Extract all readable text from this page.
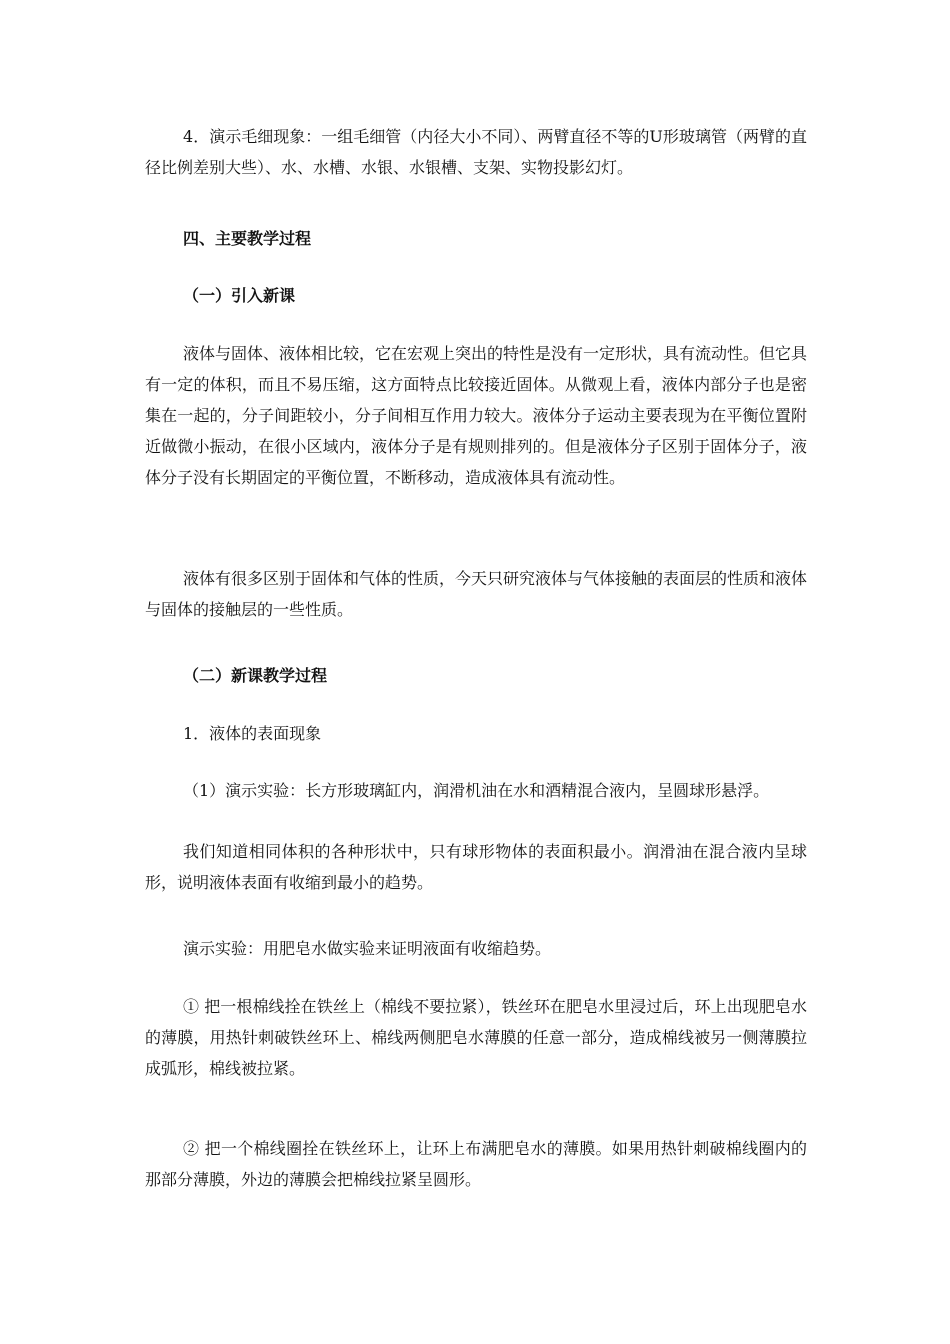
4．演示毛细现象：一组毛细管（内径大小不同）、两臂直径不等的U形玻璃管（两臂的直径比例差别大些）、水、水槽、水银、水银槽、支架、实物投影幻灯。

四、主要教学过程

（一）引入新课

液体与固体、液体相比较，它在宏观上突出的特性是没有一定形状，具有流动性。但它具有一定的体积，而且不易压缩，这方面特点比较接近固体。从微观上看，液体内部分子也是密集在一起的，分子间距较小，分子间相互作用力较大。液体分子运动主要表现为在平衡位置附近做微小振动，在很小区域内，液体分子是有规则排列的。但是液体分子区别于固体分子，液体分子没有长期固定的平衡位置，不断移动，造成液体具有流动性。

液体有很多区别于固体和气体的性质，今天只研究液体与气体接触的表面层的性质和液体与固体的接触层的一些性质。

（二）新课教学过程

1．液体的表面现象

（1）演示实验：长方形玻璃缸内，润滑机油在水和酒精混合液内，呈圆球形悬浮。

我们知道相同体积的各种形状中，只有球形物体的表面积最小。润滑油在混合液内呈球形，说明液体表面有收缩到最小的趋势。

演示实验：用肥皂水做实验来证明液面有收缩趋势。

① 把一根棉线拴在铁丝上（棉线不要拉紧），铁丝环在肥皂水里浸过后，环上出现肥皂水的薄膜，用热针刺破铁丝环上、棉线两侧肥皂水薄膜的任意一部分，造成棉线被另一侧薄膜拉成弧形，棉线被拉紧。

② 把一个棉线圈拴在铁丝环上，让环上布满肥皂水的薄膜。如果用热针刺破棉线圈内的那部分薄膜，外边的薄膜会把棉线拉紧呈圆形。
